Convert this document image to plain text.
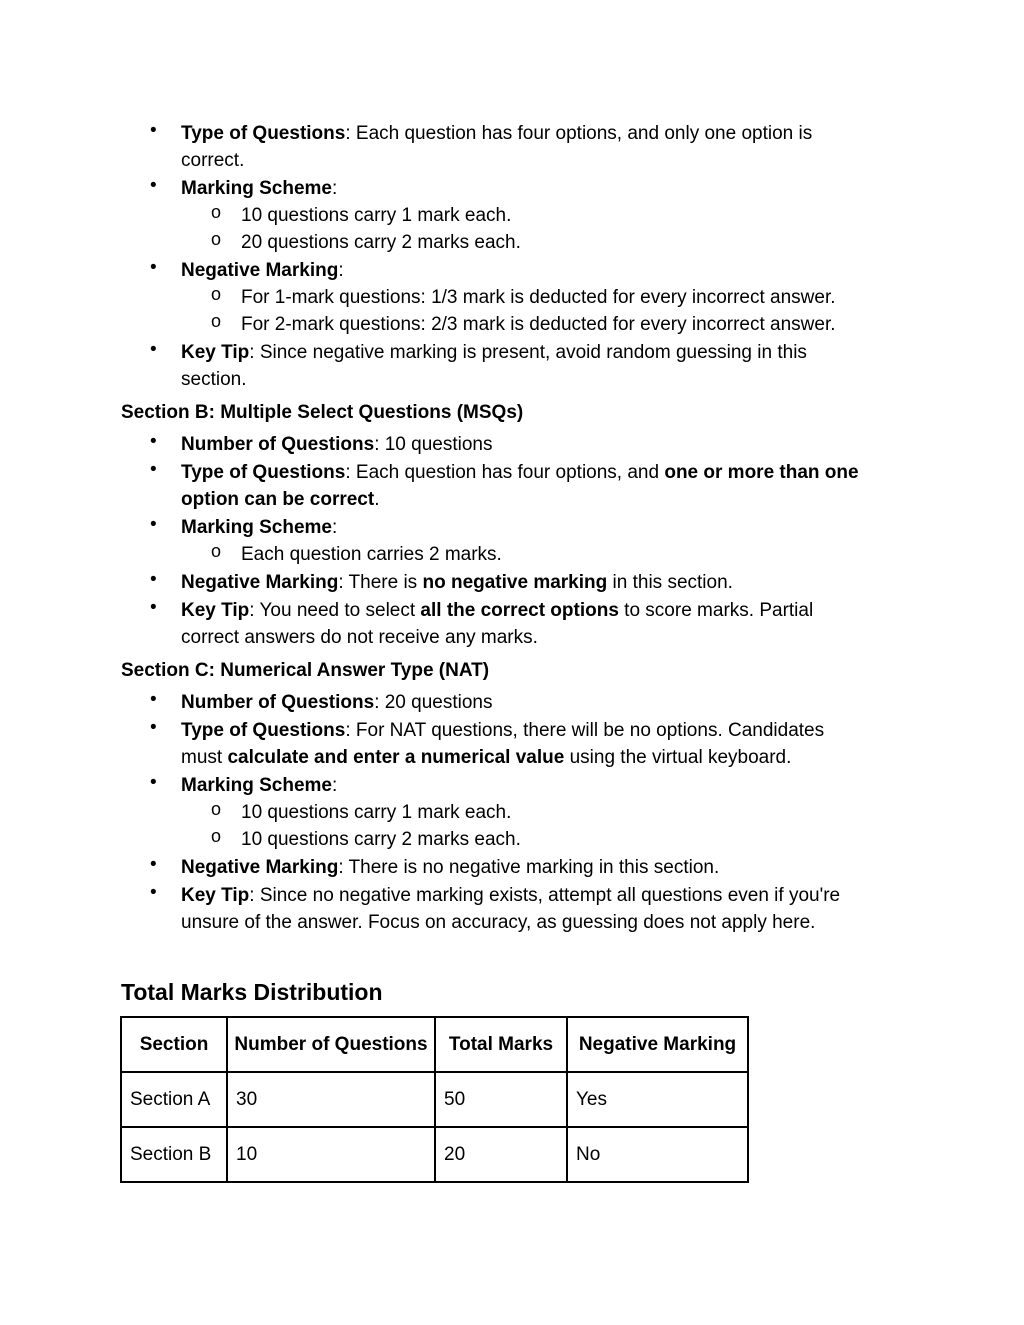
•	Type of Questions: Each question has four options, and only one option is
correct.
•	Marking Scheme:
o	10 questions carry 1 mark each.
o	20 questions carry 2 marks each.
•	Negative Marking:
o	For 1-mark questions: 1/3 mark is deducted for every incorrect answer.
o	For 2-mark questions: 2/3 mark is deducted for every incorrect answer.
•	Key Tip: Since negative marking is present, avoid random guessing in this
section.
Section B: Multiple Select Questions (MSQs)
•	Number of Questions: 10 questions
•	Type of Questions: Each question has four options, and one or more than one
option can be correct.
•	Marking Scheme:
o	Each question carries 2 marks.
•	Negative Marking: There is no negative marking in this section.
•	Key Tip: You need to select all the correct options to score marks. Partial
correct answers do not receive any marks.
Section C: Numerical Answer Type (NAT)
•	Number of Questions: 20 questions
•	Type of Questions: For NAT questions, there will be no options. Candidates
must calculate and enter a numerical value using the virtual keyboard.
•	Marking Scheme:
o	10 questions carry 1 mark each.
o	10 questions carry 2 marks each.
•	Negative Marking: There is no negative marking in this section.
•	Key Tip: Since no negative marking exists, attempt all questions even if you're
unsure of the answer. Focus on accuracy, as guessing does not apply here.
Total Marks Distribution
Section	Number of Questions	Total Marks	Negative Marking
Section A	30	50	Yes
Section B	10	20	No
